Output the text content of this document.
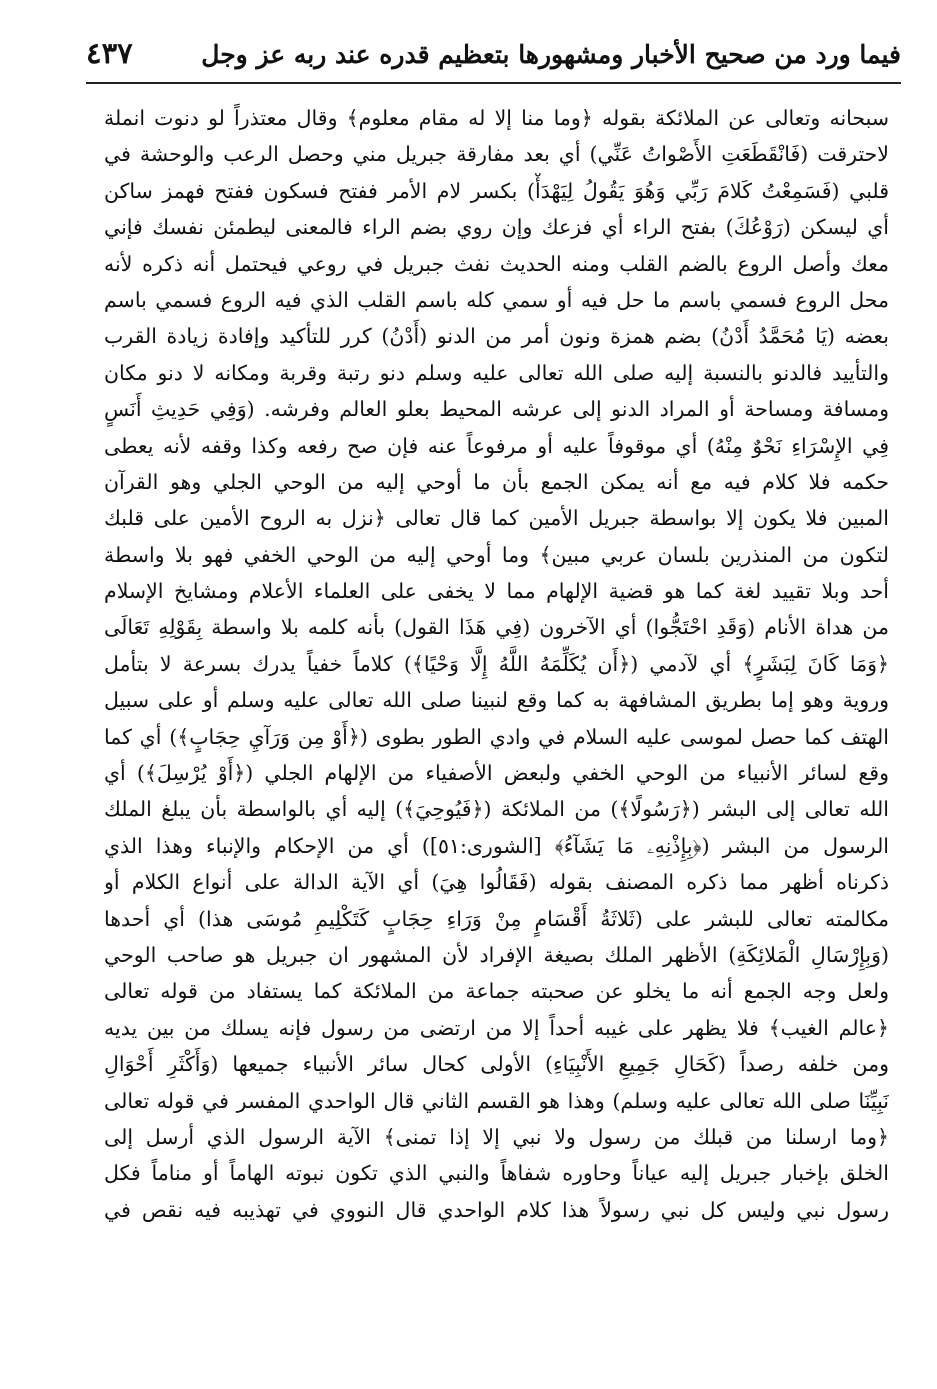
فيما ورد من صحيح الأخبار ومشهورها بتعظيم قدره عند ربه عز وجل
٤٣٧
سبحانه وتعالى عن الملائكة بقوله ﴿وما منا إلا له مقام معلوم﴾ وقال معتذراً لو دنوت انملة
لاحترقت (فَانْقَطَعَتِ الأَصْواتُ عَنِّي) أي بعد مفارقة جبريل مني وحصل الرعب والوحشة في
قلبي (فَسَمِعْتُ كَلامَ رَبِّي وَهُوَ يَقُولُ لِيَهْدَأْ) بكسر لام الأمر ففتح فسكون ففتح فهمز ساكن
أي ليسكن (رَوْعُكَ) بفتح الراء أي فزعك وإن روي بضم الراء فالمعنى ليطمئن نفسك فإني
معك وأصل الروع بالضم القلب ومنه الحديث نفث جبريل في روعي فيحتمل أنه ذكره لأنه
محل الروع فسمي باسم ما حل فيه أو سمي كله باسم القلب الذي فيه الروع فسمي باسم
بعضه (يَا مُحَمَّدُ أَدْنُ) بضم همزة ونون أمر من الدنو (أَدْنُ) كرر للتأكيد وإفادة زيادة القرب
والتأييد فالدنو بالنسبة إليه صلى الله تعالى عليه وسلم دنو رتبة وقربة ومكانه لا دنو مكان
ومسافة ومساحة أو المراد الدنو إلى عرشه المحيط بعلو العالم وفرشه. (وَفِي حَدِيثِ أَنَسٍ
فِي الإِسْرَاءِ نَحْوٌ مِنْهُ) أي موقوفاً عليه أو مرفوعاً عنه فإن صح رفعه وكذا وقفه لأنه يعطى
حكمه فلا كلام فيه مع أنه يمكن الجمع بأن ما أوحي إليه من الوحي الجلي وهو القرآن
المبين فلا يكون إلا بواسطة جبريل الأمين كما قال تعالى ﴿نزل به الروح الأمين على قلبك
لتكون من المنذرين بلسان عربي مبين﴾ وما أوحي إليه من الوحي الخفي فهو بلا واسطة
أحد وبلا تقييد لغة كما هو قضية الإلهام مما لا يخفى على العلماء الأعلام ومشايخ الإسلام
من هداة الأنام (وَقَدِ احْتَجُّوا) أي الآخرون (فِي هَذَا القول) بأنه كلمه بلا واسطة بِقَوْلِهِ تَعَالَى
﴿وَمَا كَانَ لِبَشَرٍ﴾ أي لآدمي (﴿أَن يُكَلِّمَهُ اللَّهُ إِلَّا وَحْيًا﴾) كلاماً خفياً يدرك بسرعة لا بتأمل
وروية وهو إما بطريق المشافهة به كما وقع لنبينا صلى الله تعالى عليه وسلم أو على سبيل
الهتف كما حصل لموسى عليه السلام في وادي الطور بطوى (﴿أَوْ مِن وَرَآيِ حِجَابٍ﴾) أي كما
وقع لسائر الأنبياء من الوحي الخفي ولبعض الأصفياء من الإلهام الجلي (﴿أَوْ يُرْسِلَ﴾) أي
الله تعالى إلى البشر (﴿رَسُولًا﴾) من الملائكة (﴿فَيُوحِيَ﴾) إليه أي بالواسطة بأن يبلغ الملك
الرسول من البشر (﴿بِإِذْنِهِۦ مَا يَشَآءُ﴾ [الشورى:٥١]) أي من الإحكام والإنباء وهذا الذي
ذكرناه أظهر مما ذكره المصنف بقوله (فَقَالُوا هِيَ) أي الآية الدالة على أنواع الكلام أو
مكالمته تعالى للبشر على (ثَلاثَةُ أَقْسَامٍ مِنْ وَرَاءِ حِجَابٍ كَتَكْلِيمِ مُوسَى هذا) أي أحدها
(وَبِإِرْسَالِ الْمَلائِكَةِ) الأظهر الملك بصيغة الإفراد لأن المشهور ان جبريل هو صاحب الوحي
ولعل وجه الجمع أنه ما يخلو عن صحبته جماعة من الملائكة كما يستفاد من قوله تعالى
﴿عالم الغيب﴾ فلا يظهر على غيبه أحداً إلا من ارتضى من رسول فإنه يسلك من بين يديه
ومن خلفه رصداً (كَحَالِ جَمِيعِ الأَنْبِيَاءِ) الأولى كحال سائر الأنبياء جميعها (وَأَكْثَرِ أَحْوَالِ
نَبِيِّنَا صلى الله تعالى عليه وسلم) وهذا هو القسم الثاني قال الواحدي المفسر في قوله تعالى
﴿وما ارسلنا من قبلك من رسول ولا نبي إلا إذا تمنى﴾ الآية الرسول الذي أرسل إلى
الخلق بإخبار جبريل إليه عياناً وحاوره شفاهاً والنبي الذي تكون نبوته الهاماً أو مناماً فكل
رسول نبي وليس كل نبي رسولاً هذا كلام الواحدي قال النووي في تهذيبه فيه نقص في
